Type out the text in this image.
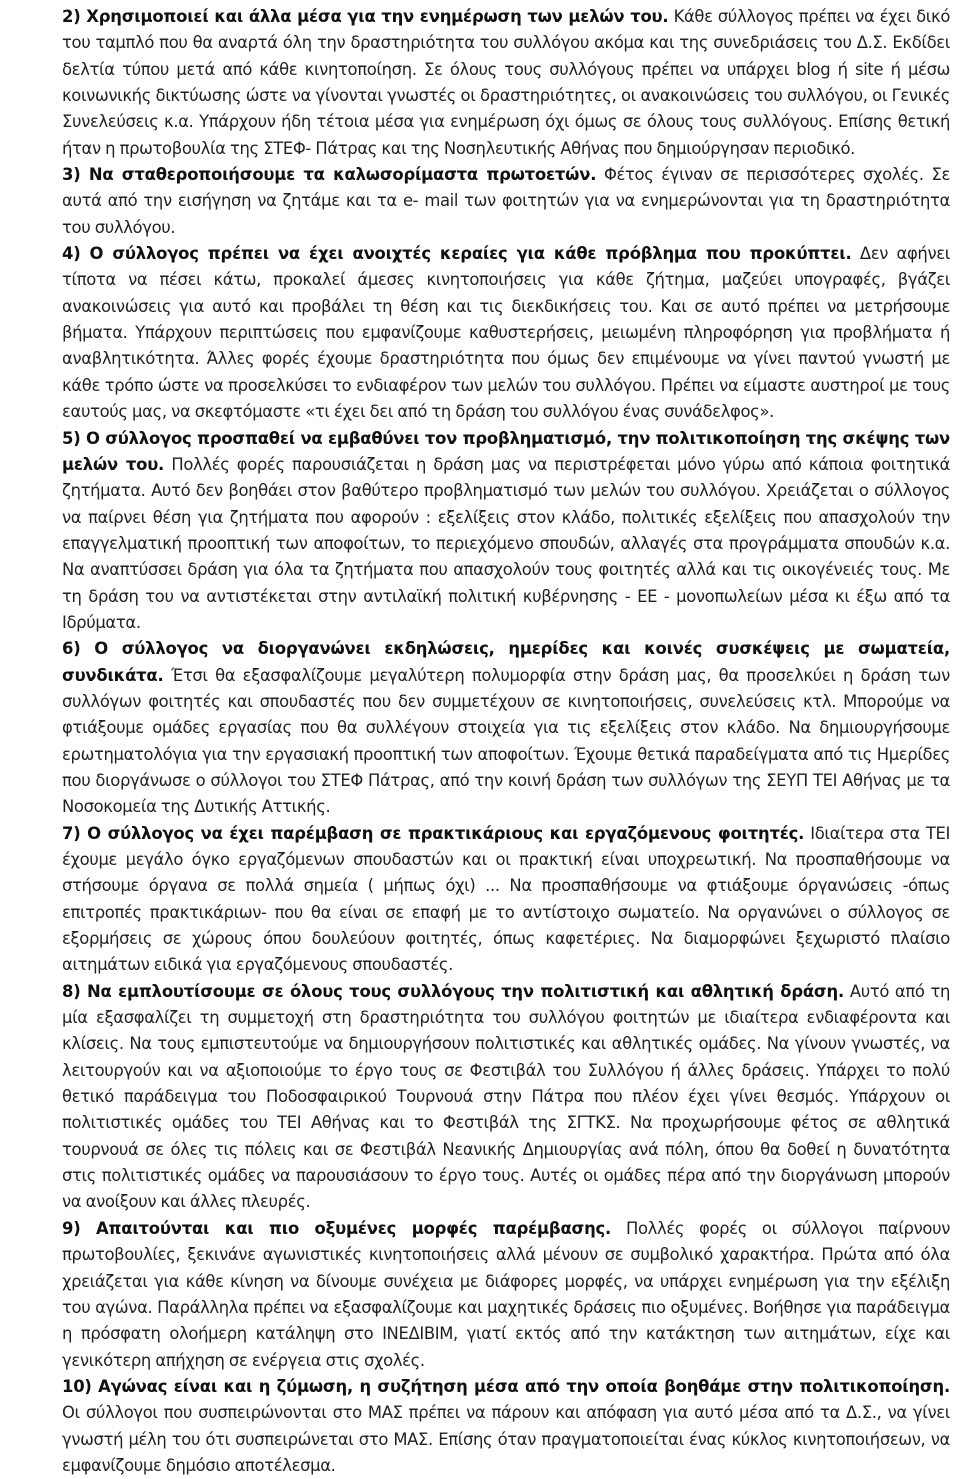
2) Χρησιμοποιεί και άλλα μέσα για την ενημέρωση των μελών του. Κάθε σύλλογος πρέπει να έχει δικό του ταμπλό που θα αναρτά όλη την δραστηριότητα του συλλόγου ακόμα και της συνεδριάσεις του Δ.Σ. Εκδίδει δελτία τύπου μετά από κάθε κινητοποίηση. Σε όλους τους συλλόγους πρέπει να υπάρχει blog ή site ή μέσω κοινωνικής δικτύωσης ώστε να γίνονται γνωστές οι δραστηριότητες, οι ανακοινώσεις του συλλόγου, οι Γενικές Συνελεύσεις κ.α. Υπάρχουν ήδη τέτοια μέσα για ενημέρωση όχι όμως σε όλους τους συλλόγους. Επίσης θετική ήταν η πρωτοβουλία της ΣΤΕΦ- Πάτρας και της Νοσηλευτικής Αθήνας που δημιούργησαν περιοδικό.

3) Να σταθεροποιήσουμε τα καλωσορίμαστα πρωτοετών. Φέτος έγιναν σε περισσότερες σχολές. Σε αυτά από την εισήγηση να ζητάμε και τα e- mail των φοιτητών για να ενημερώνονται για τη δραστηριότητα του συλλόγου.

4) Ο σύλλογος πρέπει να έχει ανοιχτές κεραίες για κάθε πρόβλημα που προκύπτει. Δεν αφήνει τίποτα να πέσει κάτω, προκαλεί άμεσες κινητοποιήσεις για κάθε ζήτημα, μαζεύει υπογραφές, βγάζει ανακοινώσεις για αυτό και προβάλει τη θέση και τις διεκδικήσεις του. Και σε αυτό πρέπει να μετρήσουμε βήματα. Υπάρχουν περιπτώσεις που εμφανίζουμε καθυστερήσεις, μειωμένη πληροφόρηση για προβλήματα ή αναβλητικότητα. Άλλες φορές έχουμε δραστηριότητα που όμως δεν επιμένουμε να γίνει παντού γνωστή με κάθε τρόπο ώστε να προσελκύσει το ενδιαφέρον των μελών του συλλόγου. Πρέπει να είμαστε αυστηροί με τους εαυτούς μας, να σκεφτόμαστε «τι έχει δει από τη δράση του συλλόγου ένας συνάδελφος».

5) Ο σύλλογος προσπαθεί να εμβαθύνει τον προβληματισμό, την πολιτικοποίηση της σκέψης των μελών του. Πολλές φορές παρουσιάζεται η δράση μας να περιστρέφεται μόνο γύρω από κάποια φοιτητικά ζητήματα. Αυτό δεν βοηθάει στον βαθύτερο προβληματισμό των μελών του συλλόγου. Χρειάζεται ο σύλλογος να παίρνει θέση για ζητήματα που αφορούν : εξελίξεις στον κλάδο, πολιτικές εξελίξεις που απασχολούν την επαγγελματική προοπτική των αποφοίτων, το περιεχόμενο σπουδών, αλλαγές στα προγράμματα σπουδών κ.α. Να αναπτύσσει δράση για όλα τα ζητήματα που απασχολούν τους φοιτητές αλλά και τις οικογένειές τους. Με τη δράση του να αντιστέκεται στην αντιλαϊκή πολιτική κυβέρνησης - ΕΕ - μονοπωλείων μέσα κι έξω από τα Ιδρύματα.

6) Ο σύλλογος να διοργανώνει εκδηλώσεις, ημερίδες και κοινές συσκέψεις με σωματεία, συνδικάτα. Έτσι θα εξασφαλίζουμε μεγαλύτερη πολυμορφία στην δράση μας, θα προσελκύει η δράση των συλλόγων φοιτητές και σπουδαστές που δεν συμμετέχουν σε κινητοποιήσεις, συνελεύσεις κτλ. Μπορούμε να φτιάξουμε ομάδες εργασίας που θα συλλέγουν στοιχεία για τις εξελίξεις στον κλάδο. Να δημιουργήσουμε ερωτηματολόγια για την εργασιακή προοπτική των αποφοίτων. Έχουμε θετικά παραδείγματα από τις Ημερίδες που διοργάνωσε ο σύλλογοι του ΣΤΕΦ Πάτρας, από την κοινή δράση των συλλόγων της ΣΕΥΠ ΤΕΙ Αθήνας με τα Νοσοκομεία της Δυτικής Αττικής.

7) Ο σύλλογος να έχει παρέμβαση σε πρακτικάριους και εργαζόμενους φοιτητές. Ιδιαίτερα στα ΤΕΙ έχουμε μεγάλο όγκο εργαζόμενων σπουδαστών και οι πρακτική είναι υποχρεωτική. Να προσπαθήσουμε να στήσουμε όργανα σε πολλά σημεία ( μήπως όχι) ... Να προσπαθήσουμε να φτιάξουμε όργανώσεις -όπως επιτροπές πρακτικάριων- που θα είναι σε επαφή με το αντίστοιχο σωματείο. Να οργανώνει ο σύλλογος σε εξορμήσεις σε χώρους όπου δουλεύουν φοιτητές, όπως καφετέριες. Να διαμορφώνει ξεχωριστό πλαίσιο αιτημάτων ειδικά για εργαζόμενους σπουδαστές.

8) Να εμπλουτίσουμε σε όλους τους συλλόγους την πολιτιστική και αθλητική δράση. Αυτό από τη μία εξασφαλίζει τη συμμετοχή στη δραστηριότητα του συλλόγου φοιτητών με ιδιαίτερα ενδιαφέροντα και κλίσεις. Να τους εμπιστευτούμε να δημιουργήσουν πολιτιστικές και αθλητικές ομάδες. Να γίνουν γνωστές, να λειτουργούν και να αξιοποιούμε το έργο τους σε Φεστιβάλ του Συλλόγου ή άλλες δράσεις. Υπάρχει το πολύ θετικό παράδειγμα του Ποδοσφαιρικού Τουρνουά στην Πάτρα που πλέον έχει γίνει θεσμός. Υπάρχουν οι πολιτιστικές ομάδες του ΤΕΙ Αθήνας και το Φεστιβάλ της ΣΓΤΚΣ. Να προχωρήσουμε φέτος σε αθλητικά τουρνουά σε όλες τις πόλεις και σε Φεστιβάλ Νεανικής Δημιουργίας ανά πόλη, όπου θα δοθεί η δυνατότητα στις πολιτιστικές ομάδες να παρουσιάσουν το έργο τους. Αυτές οι ομάδες πέρα από την διοργάνωση μπορούν να ανοίξουν και άλλες πλευρές.

9) Απαιτούνται και πιο οξυμένες μορφές παρέμβασης. Πολλές φορές οι σύλλογοι παίρνουν πρωτοβουλίες, ξεκινάνε αγωνιστικές κινητοποιήσεις αλλά μένουν σε συμβολικό χαρακτήρα. Πρώτα από όλα χρειάζεται για κάθε κίνηση να δίνουμε συνέχεια με διάφορες μορφές, να υπάρχει ενημέρωση για την εξέλιξη του αγώνα. Παράλληλα πρέπει να εξασφαλίζουμε και μαχητικές δράσεις πιο οξυμένες. Βοήθησε για παράδειγμα η πρόσφατη ολοήμερη κατάληψη στο ΙΝΕΔΙΒΙΜ, γιατί εκτός από την κατάκτηση των αιτημάτων, είχε και γενικότερη απήχηση σε ενέργεια στις σχολές.

10) Αγώνας είναι και η ζύμωση, η συζήτηση μέσα από την οποία βοηθάμε στην πολιτικοποίηση. Οι σύλλογοι που συσπειρώνονται στο ΜΑΣ πρέπει να πάρουν και απόφαση για αυτό μέσα από τα Δ.Σ., να γίνει γνωστή μέλη του ότι συσπειρώνεται στο ΜΑΣ. Επίσης όταν πραγματοποιείται ένας κύκλος κινητοποιήσεων, να εμφανίζουμε δημόσιο αποτέλεσμα.
